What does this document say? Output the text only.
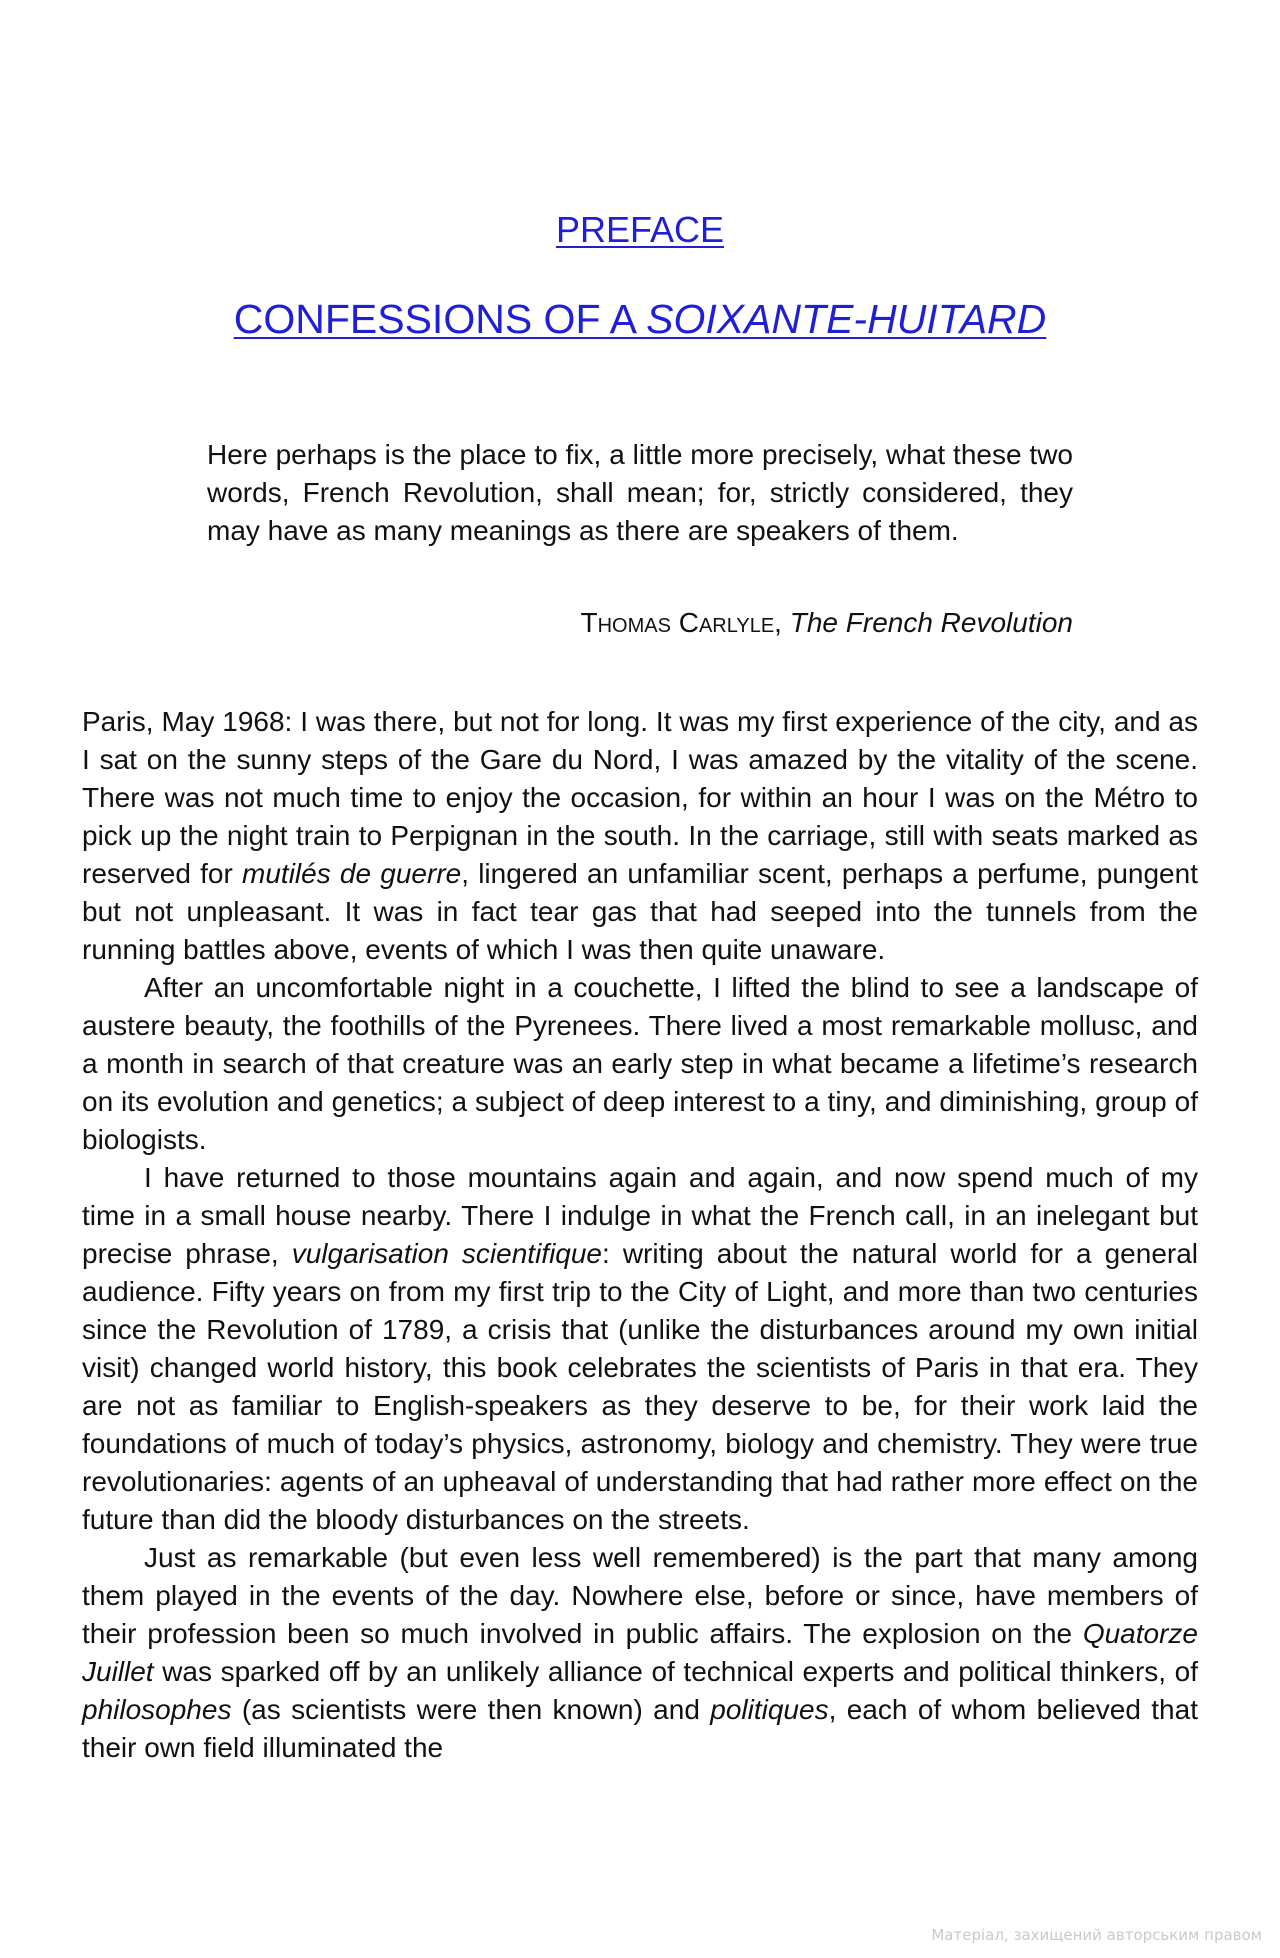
PREFACE
CONFESSIONS OF A SOIXANTE-HUITARD
Here perhaps is the place to fix, a little more precisely, what these two words, French Revolution, shall mean; for, strictly considered, they may have as many meanings as there are speakers of them.
Thomas Carlyle, The French Revolution

Paris, May 1968: I was there, but not for long. It was my first experience of the city, and as I sat on the sunny steps of the Gare du Nord, I was amazed by the vitality of the scene. There was not much time to enjoy the occasion, for within an hour I was on the Métro to pick up the night train to Perpignan in the south. In the carriage, still with seats marked as reserved for mutilés de guerre, lingered an unfamiliar scent, perhaps a perfume, pungent but not unpleasant. It was in fact tear gas that had seeped into the tunnels from the running battles above, events of which I was then quite unaware.

After an uncomfortable night in a couchette, I lifted the blind to see a landscape of austere beauty, the foothills of the Pyrenees. There lived a most remarkable mollusc, and a month in search of that creature was an early step in what became a lifetime’s research on its evolution and genetics; a subject of deep interest to a tiny, and diminishing, group of biologists.

I have returned to those mountains again and again, and now spend much of my time in a small house nearby. There I indulge in what the French call, in an inelegant but precise phrase, vulgarisation scientifique: writing about the natural world for a general audience. Fifty years on from my first trip to the City of Light, and more than two centuries since the Revolution of 1789, a crisis that (unlike the disturbances around my own initial visit) changed world history, this book celebrates the scientists of Paris in that era. They are not as familiar to English-speakers as they deserve to be, for their work laid the foundations of much of today’s physics, astronomy, biology and chemistry. They were true revolutionaries: agents of an upheaval of understanding that had rather more effect on the future than did the bloody disturbances on the streets.

Just as remarkable (but even less well remembered) is the part that many among them played in the events of the day. Nowhere else, before or since, have members of their profession been so much involved in public affairs. The explosion on the Quatorze Juillet was sparked off by an unlikely alliance of technical experts and political thinkers, of philosophes (as scientists were then known) and politiques, each of whom believed that their own field illuminated the

Матеріал, захищений авторським правом
